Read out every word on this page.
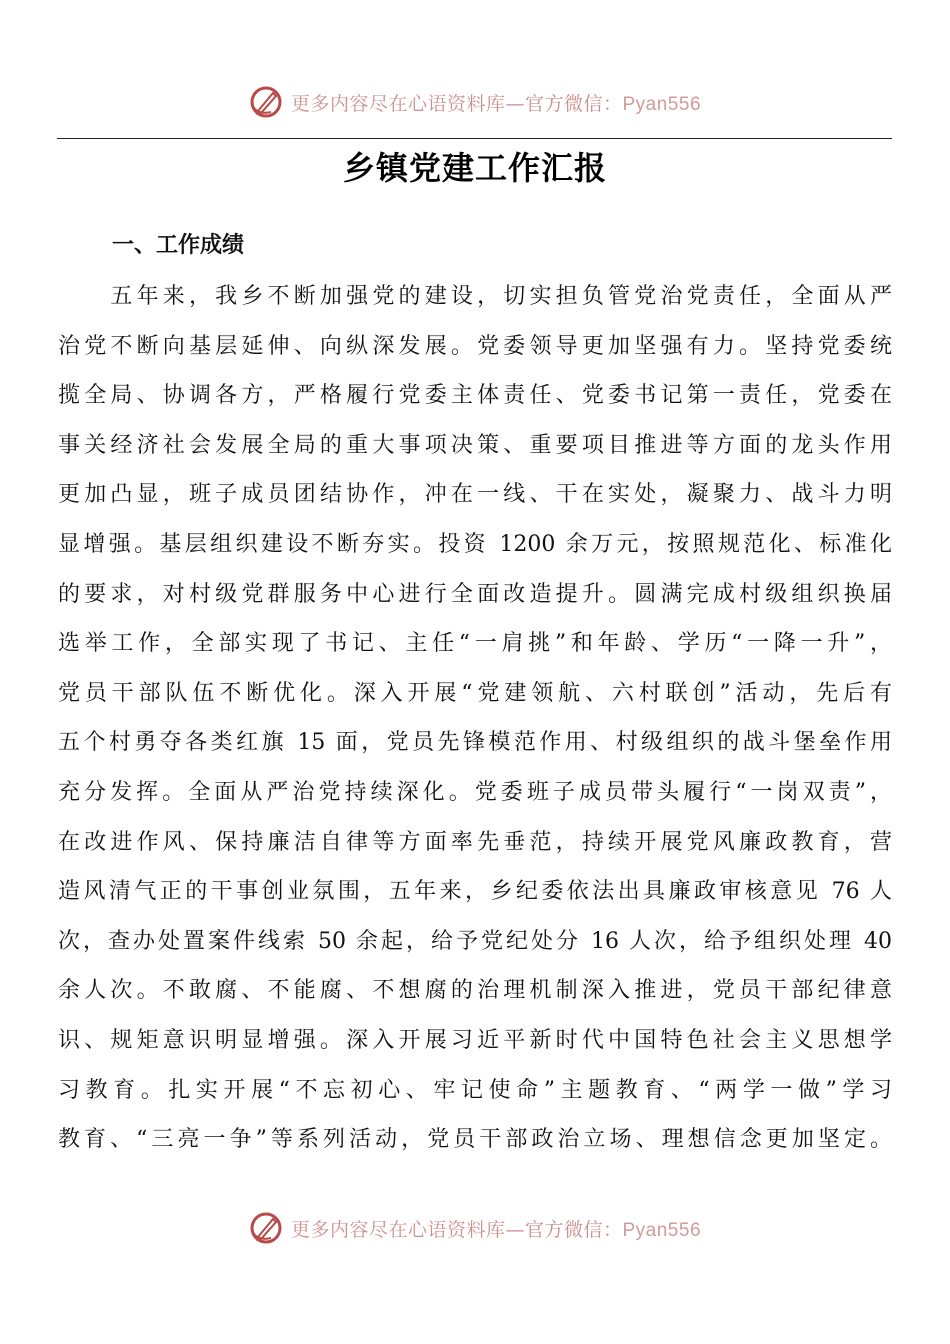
更多内容尽在心语资料库—官方微信：Pyan556
乡镇党建工作汇报
一、工作成绩
　　五年来，我乡不断加强党的建设，切实担负管党治党责任，全面从严
治党不断向基层延伸、向纵深发展。党委领导更加坚强有力。坚持党委统
揽全局、协调各方，严格履行党委主体责任、党委书记第一责任，党委在
事关经济社会发展全局的重大事项决策、重要项目推进等方面的龙头作用
更加凸显，班子成员团结协作，冲在一线、干在实处，凝聚力、战斗力明
显增强。基层组织建设不断夯实。投资 1200 余万元，按照规范化、标准化
的要求，对村级党群服务中心进行全面改造提升。圆满完成村级组织换届
选举工作，全部实现了书记、主任“一肩挑”和年龄、学历“一降一升”，
党员干部队伍不断优化。深入开展“党建领航、六村联创”活动，先后有
五个村勇夺各类红旗 15 面，党员先锋模范作用、村级组织的战斗堡垒作用
充分发挥。全面从严治党持续深化。党委班子成员带头履行“一岗双责”，
在改进作风、保持廉洁自律等方面率先垂范，持续开展党风廉政教育，营
造风清气正的干事创业氛围，五年来，乡纪委依法出具廉政审核意见 76 人
次，查办处置案件线索 50 余起，给予党纪处分 16 人次，给予组织处理 40
余人次。不敢腐、不能腐、不想腐的治理机制深入推进，党员干部纪律意
识、规矩意识明显增强。深入开展习近平新时代中国特色社会主义思想学
习教育。扎实开展“不忘初心、牢记使命”主题教育、“两学一做”学习
教育、“三亮一争”等系列活动，党员干部政治立场、理想信念更加坚定。
更多内容尽在心语资料库—官方微信：Pyan556
